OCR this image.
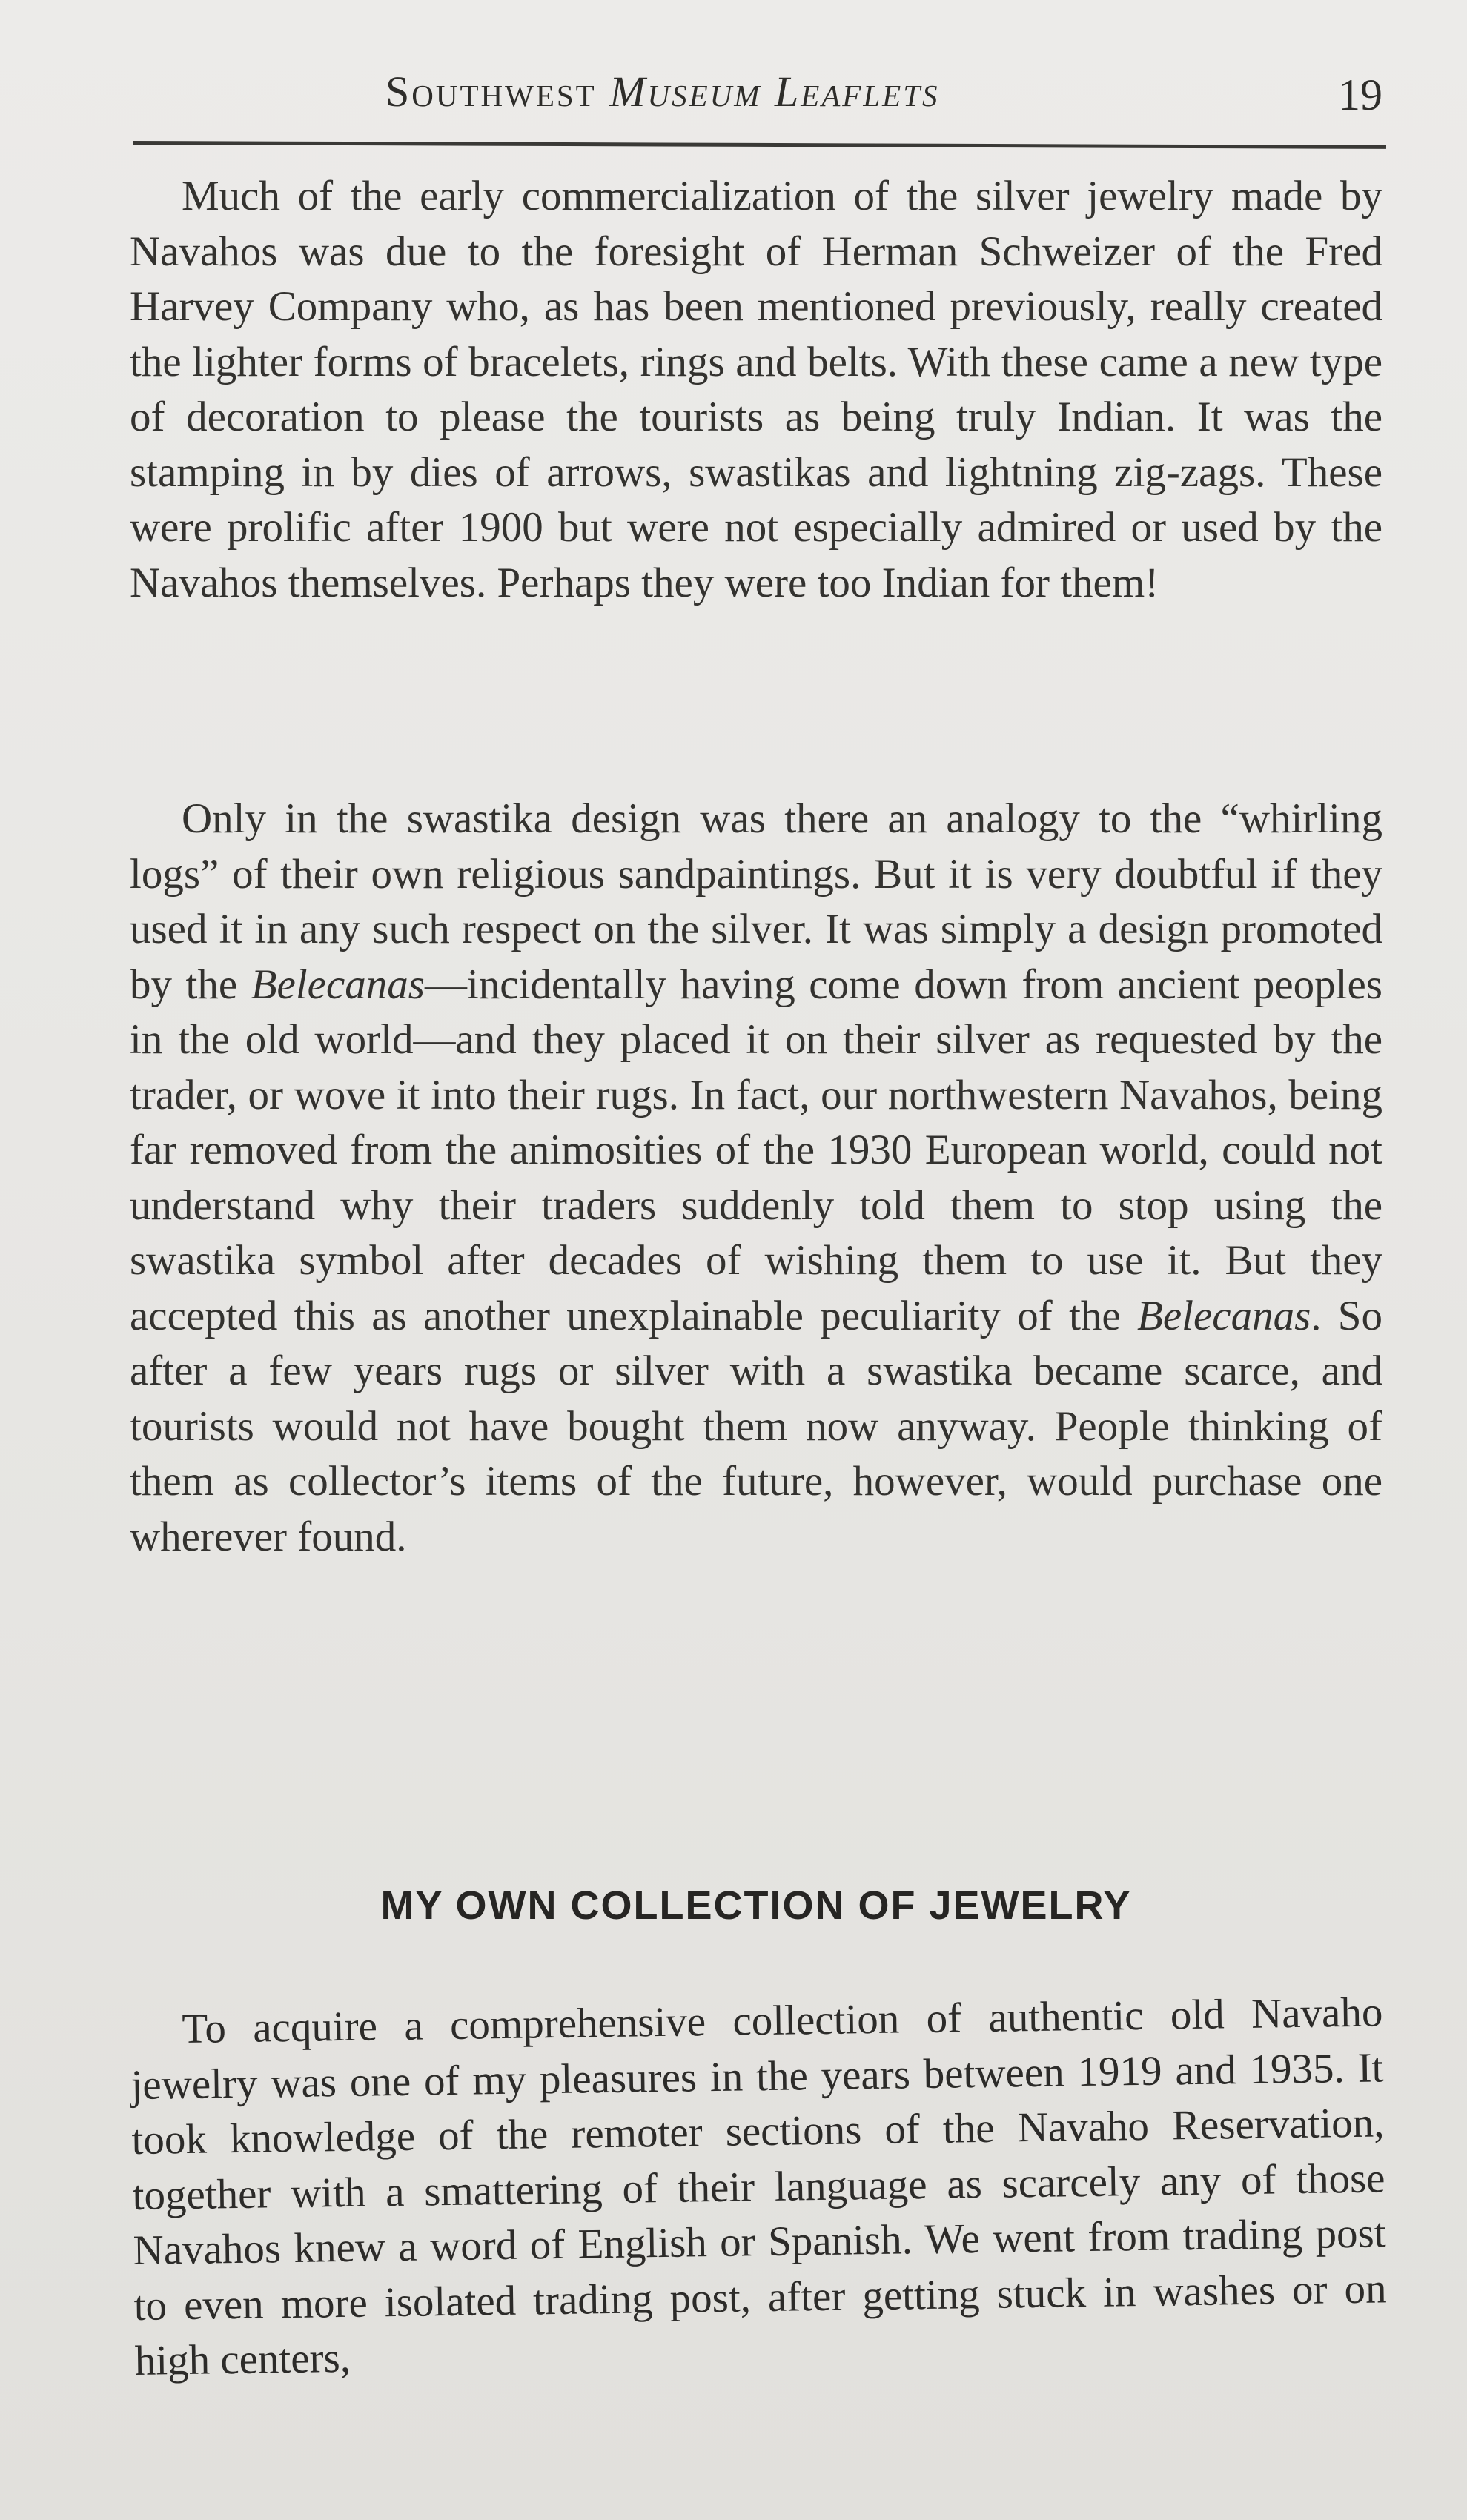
Southwest Museum Leaflets	19

Much of the early commercialization of the silver jewelry made by Navahos was due to the foresight of Herman Schweizer of the Fred Harvey Company who, as has been mentioned previously, really created the lighter forms of bracelets, rings and belts. With these came a new type of decoration to please the tourists as being truly Indian. It was the stamping in by dies of arrows, swastikas and lightning zig-zags. These were prolific after 1900 but were not especially admired or used by the Navahos themselves. Perhaps they were too Indian for them!

Only in the swastika design was there an analogy to the “whirling logs” of their own religious sandpaintings. But it is very doubtful if they used it in any such respect on the silver. It was simply a design promoted by the Belecanas—incidentally having come down from ancient peoples in the old world—and they placed it on their silver as requested by the trader, or wove it into their rugs. In fact, our northwestern Navahos, being far removed from the animosities of the 1930 European world, could not understand why their traders suddenly told them to stop using the swastika symbol after decades of wishing them to use it. But they accepted this as another unexplainable peculiarity of the Belecanas. So after a few years rugs or silver with a swastika became scarce, and tourists would not have bought them now anyway. People thinking of them as collector’s items of the future, however, would purchase one wherever found.

MY OWN COLLECTION OF JEWELRY

To acquire a comprehensive collection of authentic old Navaho jewelry was one of my pleasures in the years between 1919 and 1935. It took knowledge of the remoter sections of the Navaho Reservation, together with a smattering of their language as scarcely any of those Navahos knew a word of English or Spanish. We went from trading post to even more isolated trading post, after getting stuck in washes or on high centers,
